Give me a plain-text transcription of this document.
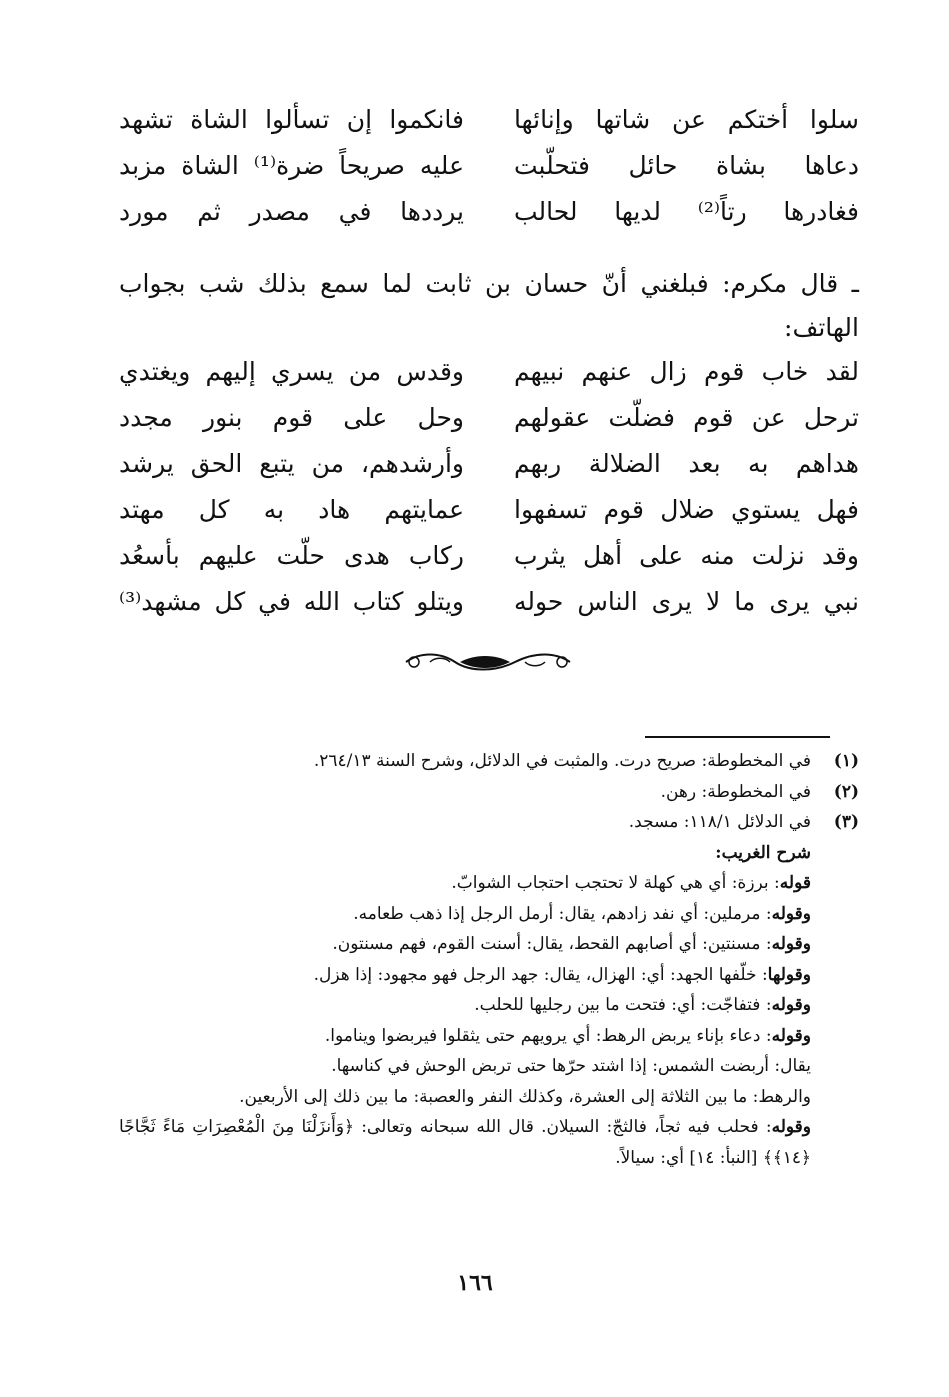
سلوا أختكم عن شاتها وإنائها
فانكموا إن تسألوا الشاة تشهد
دعاها بشاة حائل فتحلّبت
عليه صريحاً ضرة⁽¹⁾ الشاة مزبد
فغادرها رتاً⁽²⁾ لديها لحالب
يرددها في مصدر ثم مورد
ـ قال مكرم: فبلغني أنّ حسان بن ثابت لما سمع بذلك شب بجواب الهاتف:
لقد خاب قوم زال عنهم نبيهم
وقدس من يسري إليهم ويغتدي
ترحل عن قوم فضلّت عقولهم
وحل على قوم بنور مجدد
هداهم به بعد الضلالة ربهم
وأرشدهم، من يتبع الحق يرشد
فهل يستوي ضلال قوم تسفهوا
عمايتهم هاد به كل مهتد
وقد نزلت منه على أهل يثرب
ركاب هدى حلّت عليهم بأسعُد
نبي يرى ما لا يرى الناس حوله
ويتلو كتاب الله في كل مشهد⁽³⁾
(١)
في المخطوطة: صريح درت. والمثبت في الدلائل، وشرح السنة ٢٦٤/١٣.
(٢)
في المخطوطة: رهن.
(٣)
في الدلائل ١١٨/١: مسجد.
شرح الغريب:
قوله: برزة: أي هي كهلة لا تحتجب احتجاب الشوابّ.
وقوله: مرملين: أي نفد زادهم، يقال: أرمل الرجل إذا ذهب طعامه.
وقوله: مسنتين: أي أصابهم القحط، يقال: أسنت القوم، فهم مسنتون.
وقولها: خلّفها الجهد: أي: الهزال، يقال: جهد الرجل فهو مجهود: إذا هزل.
وقوله: فتفاجّت: أي: فتحت ما بين رجليها للحلب.
وقوله: دعاء بإناء يربض الرهط: أي يرويهم حتى يثقلوا فيربضوا ويناموا.
يقال: أربضت الشمس: إذا اشتد حرّها حتى تربض الوحش في كناسها.
والرهط: ما بين الثلاثة إلى العشرة، وكذلك النفر والعصبة: ما بين ذلك إلى الأربعين.
وقوله: فحلب فيه ثجاً، فالثجّ: السيلان. قال الله سبحانه وتعالى: ﴿وَأَنزَلْنَا مِنَ الْمُعْصِرَاتِ مَاءً ثَجَّاجًا ﴿١٤﴾﴾ [النبأ: ١٤] أي: سيالاً.
١٦٦
